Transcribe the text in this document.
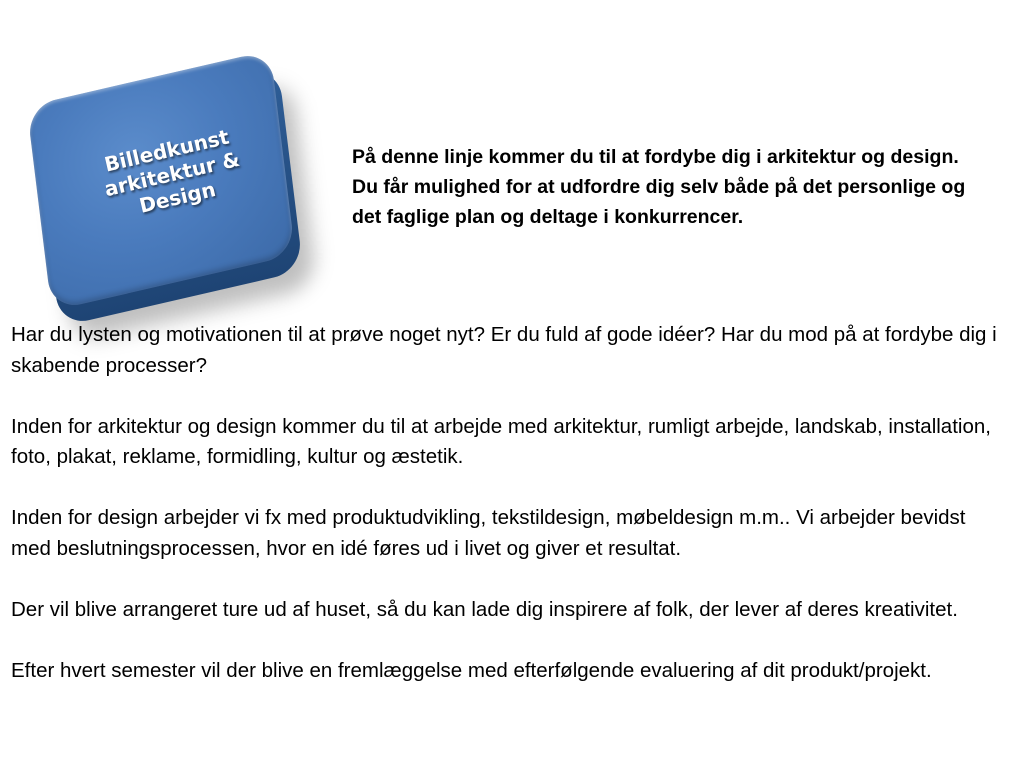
Billedkunst
arkitektur &
Design

På denne linje kommer du til at fordybe dig i arkitektur og design.

Du får mulighed for at udfordre dig selv både på det personlige og det faglige plan og deltage i konkurrencer.

Har du lysten og motivationen til at prøve noget nyt? Er du fuld af gode idéer? Har du mod på at fordybe dig i skabende processer?

Inden for arkitektur og design kommer du til at arbejde med arkitektur, rumligt arbejde, landskab, installation, foto, plakat, reklame, formidling, kultur og æstetik.

Inden for design arbejder vi fx med produktudvikling, tekstildesign, møbeldesign m.m.. Vi arbejder bevidst med beslutningsprocessen, hvor en idé føres ud i livet og giver et resultat.

Der vil blive arrangeret ture ud af huset, så du kan lade dig inspirere af folk, der lever af deres kreativitet.

Efter hvert semester vil der blive en fremlæggelse med efterfølgende evaluering af dit produkt/projekt.
